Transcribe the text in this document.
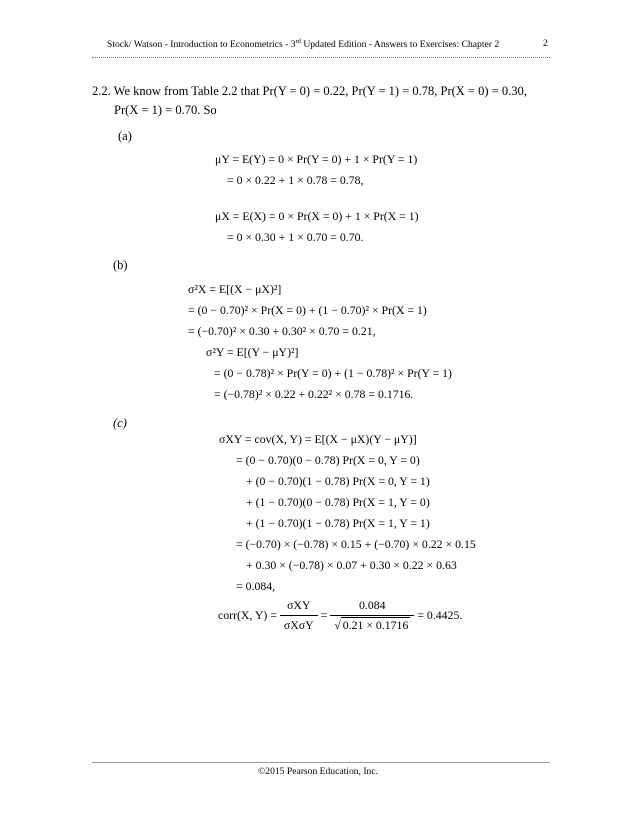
Stock/ Watson - Introduction to Econometrics - 3rd Updated Edition - Answers to Exercises: Chapter 2	2
2.2. We know from Table 2.2 that Pr(Y = 0) = 0.22, Pr(Y = 1) = 0.78, Pr(X = 0) = 0.30,
Pr(X = 1) = 0.70. So
(a)
μY = E(Y) = 0 × Pr(Y = 0) + 1 × Pr(Y = 1)
= 0 × 0.22 + 1 × 0.78 = 0.78,
μX = E(X) = 0 × Pr(X = 0) + 1 × Pr(X = 1)
= 0 × 0.30 + 1 × 0.70 = 0.70.
(b)
σ²X = E[(X − μX)²]
= (0 − 0.70)² × Pr(X = 0) + (1 − 0.70)² × Pr(X = 1)
= (−0.70)² × 0.30 + 0.30² × 0.70 = 0.21,
σ²Y = E[(Y − μY)²]
= (0 − 0.78)² × Pr(Y = 0) + (1 − 0.78)² × Pr(Y = 1)
= (−0.78)² × 0.22 + 0.22² × 0.78 = 0.1716.
(c)
σXY = cov(X, Y) = E[(X − μX)(Y − μY)]
= (0 − 0.70)(0 − 0.78) Pr(X = 0, Y = 0)
+ (0 − 0.70)(1 − 0.78) Pr(X = 0, Y = 1)
+ (1 − 0.70)(0 − 0.78) Pr(X = 1, Y = 0)
+ (1 − 0.70)(1 − 0.78) Pr(X = 1, Y = 1)
= (−0.70) × (−0.78) × 0.15 + (−0.70) × 0.22 × 0.15
+ 0.30 × (−0.78) × 0.07 + 0.30 × 0.22 × 0.63
= 0.084,
corr(X, $Y) = \frac{\text{σXY}}{\text{σXσY}} = \frac{0.084}{√ 0.21 \times 0.1716} = 0.4425$.
©2015 Pearson Education, Inc.
